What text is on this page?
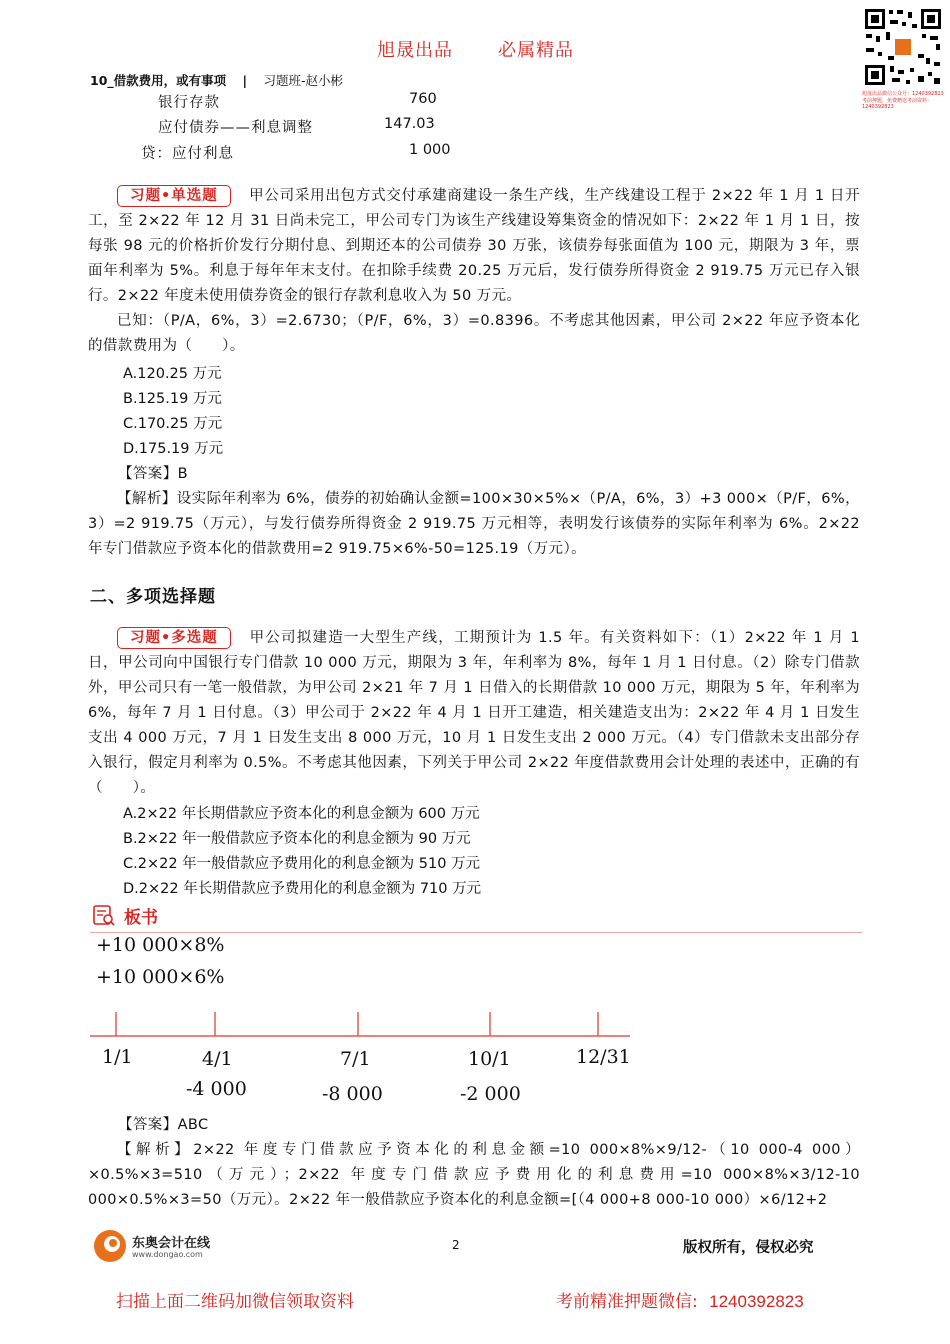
旭晟出品	必属精品
旭晟出品微信公众号：1240392823
考前押题，免费赠送考前资料：1240392823
10_借款费用，或有事项 | 习题班-赵小彬
银行存款	760
应付债券——利息调整	147.03
贷：应付利息	1 000

习题•单选题 甲公司采用出包方式交付承建商建设一条生产线，生产线建设工程于 2×22 年 1 月 1 日开工，至 2×22 年 12 月 31 日尚未完工，甲公司专门为该生产线建设筹集资金的情况如下：2×22 年 1 月 1 日，按每张 98 元的价格折价发行分期付息、到期还本的公司债券 30 万张，该债券每张面值为 100 元，期限为 3 年，票面年利率为 5%。利息于每年年末支付。在扣除手续费 20.25 万元后，发行债券所得资金 2 919.75 万元已存入银行。2×22 年度未使用债券资金的银行存款利息收入为 50 万元。

已知：（P/A，6%，3）=2.6730；（P/F，6%，3）=0.8396。不考虑其他因素，甲公司 2×22 年应予资本化的借款费用为（　　）。

A.120.25 万元
B.125.19 万元
C.170.25 万元
D.175.19 万元

【答案】B

【解析】设实际年利率为 6%，债券的初始确认金额=100×30×5%×（P/A，6%，3）+3 000×（P/F，6%，3）=2 919.75（万元），与发行债券所得资金 2 919.75 万元相等，表明发行该债券的实际年利率为 6%。2×22 年专门借款应予资本化的借款费用=2 919.75×6%-50=125.19（万元）。

二、多项选择题

习题•多选题 甲公司拟建造一大型生产线，工期预计为 1.5 年。有关资料如下：（1）2×22 年 1 月 1 日，甲公司向中国银行专门借款 10 000 万元，期限为 3 年，年利率为 8%，每年 1 月 1 日付息。（2）除专门借款外，甲公司只有一笔一般借款，为甲公司 2×21 年 7 月 1 日借入的长期借款 10 000 万元，期限为 5 年，年利率为 6%，每年 7 月 1 日付息。（3）甲公司于 2×22 年 4 月 1 日开工建造，相关建造支出为：2×22 年 4 月 1 日发生支出 4 000 万元，7 月 1 日发生支出 8 000 万元，10 月 1 日发生支出 2 000 万元。（4）专门借款未支出部分存入银行，假定月利率为 0.5%。不考虑其他因素，下列关于甲公司 2×22 年度借款费用会计处理的表述中，正确的有（　　）。

A.2×22 年长期借款应予资本化的利息金额为 600 万元
B.2×22 年一般借款应予资本化的利息金额为 90 万元
C.2×22 年一般借款应予费用化的利息金额为 510 万元
D.2×22 年长期借款应予费用化的利息金额为 710 万元
板书
+10 000×8%
+10 000×6%
1/1	4/1	7/1	10/1	12/31
-4 000	-8 000	-2 000

【答案】ABC

【解析】2×22 年度专门借款应予资本化的利息金额=10 000×8%×9/12-（10 000-4 000）×0.5%×3=510（万元）；2×22 年度专门借款应予费用化的利息费用=10 000×8%×3/12-10 000×0.5%×3=50（万元）。2×22 年一般借款应予资本化的利息金额=[（4 000+8 000-10 000）×6/12+2

东奥会计在线
www.dongao.com
2	版权所有，侵权必究
扫描上面二维码加微信领取资料	考前精准押题微信: 1240392823
